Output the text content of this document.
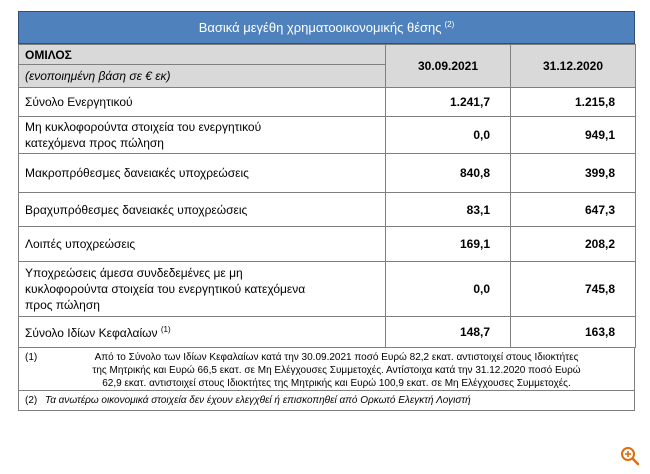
Βασικά μεγέθη χρηματοοικονομικής θέσης $^{(2)}$
ΟΜΙΛΟΣ	30.09.2021	31.12.2020
(ενοποιημένη βάση σε € εκ)		
Σύνολο Ενεργητικού	1.241,7	1.215,8

Μη κυκλοφορούντα στοιχεία του ενεργητικού
κατεχόμενα προς πώληση	0,0	949,1
Μακροπρόθεσμες δανειακές υποχρεώσεις	840,8	399,8
Βραχυπρόθεσμες δανειακές υποχρεώσεις	83,1	647,3
Λοιπές υποχρεώσεις	169,1	208,2

Υποχρεώσεις άμεσα συνδεδεμένες με μη
κυκλοφορούντα στοιχεία του ενεργητικού κατεχόμενα
προς πώληση	0,0	745,8
Σύνολο Ιδίων Κεφαλαίων $^{(1)}$	148,7	163,8
(1)	Από το Σύνολο των Ιδίων Κεφαλαίων κατά την 30.09.2021 ποσό Ευρώ 82,2 εκατ. αντιστοιχεί στους Ιδιοκτήτες
της Μητρικής και Ευρώ 66,5 εκατ. σε Μη Ελέγχουσες Συμμετοχές. Αντίστοιχα κατά την 31.12.2020 ποσό Ευρώ
62,9 εκατ. αντιστοιχεί στους Ιδιοκτήτες της Μητρικής και Ευρώ 100,9 εκατ. σε Μη Ελέγχουσες Συμμετοχές.
(2) Τα ανωτέρω οικονομικά στοιχεία δεν έχουν ελεγχθεί ή επισκοπηθεί από Ορκωτό Ελεγκτή Λογιστή
